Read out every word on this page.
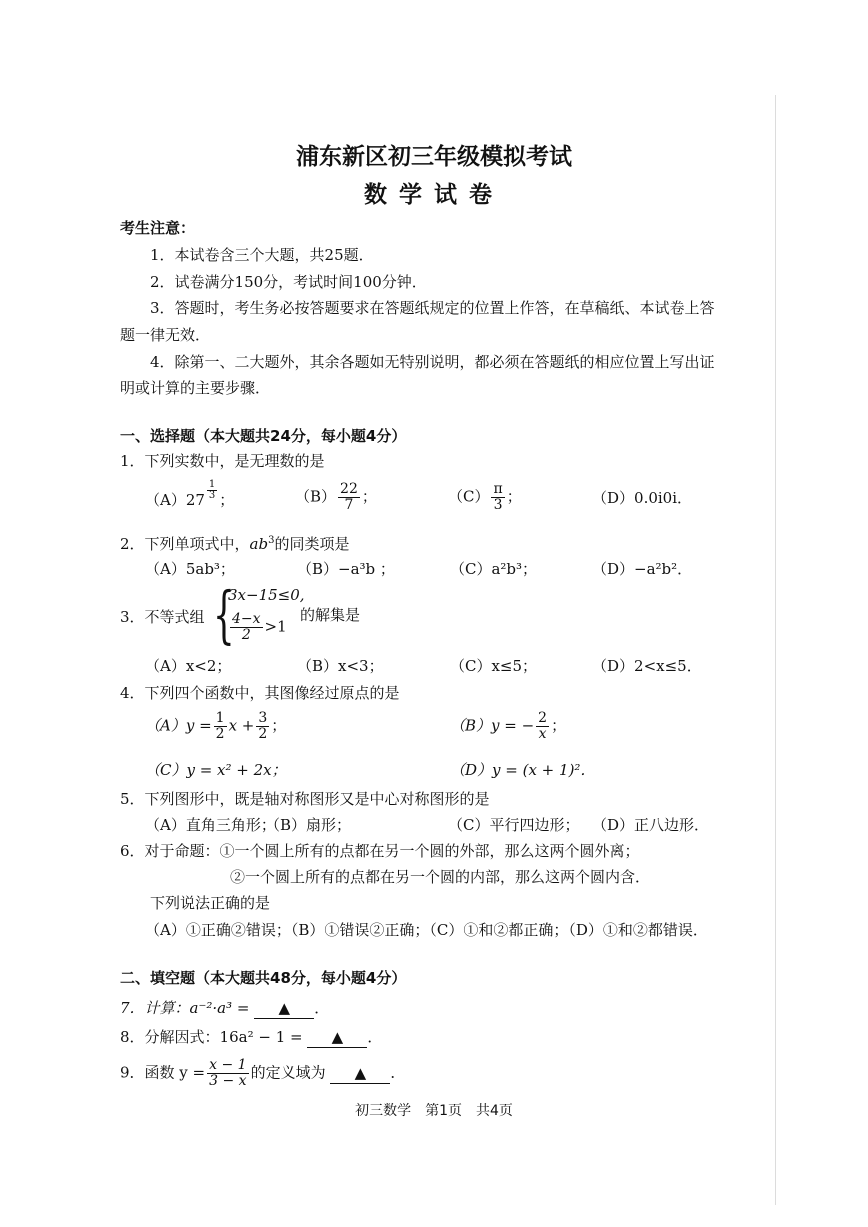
浦东新区初三年级模拟考试
数学试卷
考生注意：
1．本试卷含三个大题，共25题．
2．试卷满分150分，考试时间100分钟．
3．答题时，考生务必按答题要求在答题纸规定的位置上作答，在草稿纸、本试卷上答
题一律无效．
4．除第一、二大题外，其余各题如无特别说明，都必须在答题纸的相应位置上写出证
明或计算的主要步骤．
一、选择题（本大题共24分，每小题4分）
1．下列实数中，是无理数的是
$(A)27 \frac{1}{3}$ ；	$(B) \frac{22}{7}$ ；	$(C) \frac{\pi}{3}$ ；	（D）0.0i0i．
2．下列单项式中，$ab^3$的同类项是
（A）5ab³；	（B）−a³b ；	（C）a²b³；	（D）−a²b²．
3．不等式组 {
3x−15≤0,
$\frac{4-x}{2} >1$
的解集是
（A）x<2；	（B）x<3；	（C）x≤5；	（D）2<x≤5．
4．下列四个函数中，其图像经过原点的是
$(A)y = \frac{1}{2}$ $x + \frac{3}{2}$ ；	（B）y = − $\frac{2}{x}$ ；
（C）y = x² + 2x；	（D）y = (x + 1)²．
5．下列图形中，既是轴对称图形又是中心对称图形的是
（A）直角三角形；
（B）扇形；	（C）平行四边形； （D）正八边形．
6．对于命题：①一个圆上所有的点都在另一个圆的外部，那么这两个圆外离；
②一个圆上所有的点都在另一个圆的内部，那么这两个圆内含．
下列说法正确的是
（A）①正确②错误；（B）①错误②正确；（C）①和②都正确；（D）①和②都错误．
二、填空题（本大题共48分，每小题4分）
7．计算：a⁻²·a³ = ▲ ．
8．分解因式：16a² − 1 = ▲ ．
9．函数 $y = \frac{x - 1}{3 - x}$ 的定义域为 ▲ ．
初三数学　第1页　共4页
